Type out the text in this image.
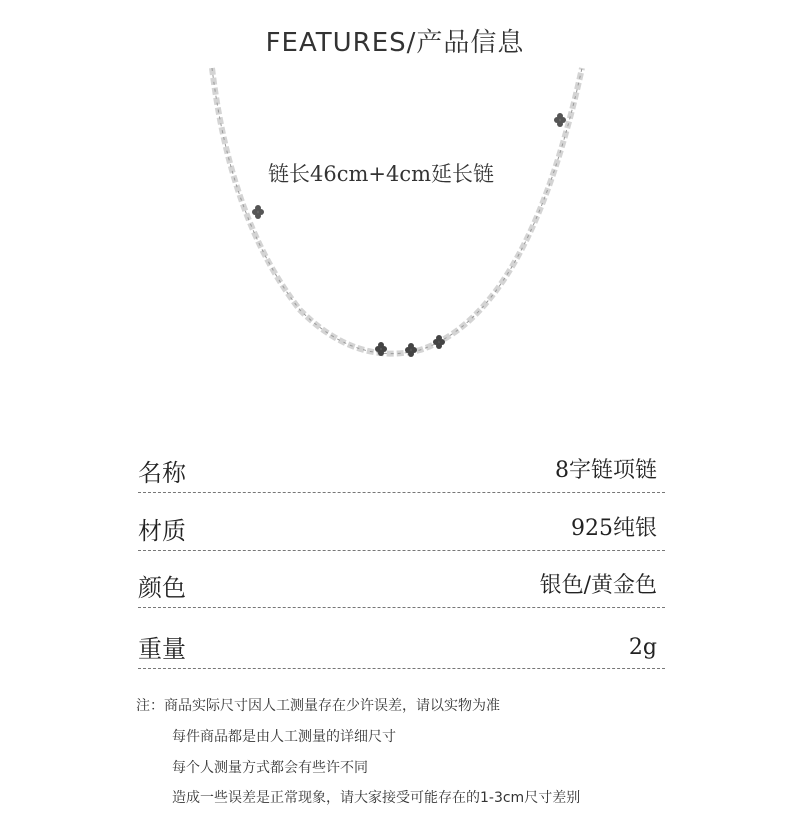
FEATURES/产品信息
链长46cm+4cm延长链
名称	8字链项链
材质	925纯银
颜色	银色/黄金色
重量	2g
注：商品实际尺寸因人工测量存在少许误差，请以实物为准
每件商品都是由人工测量的详细尺寸
每个人测量方式都会有些许不同
造成一些误差是正常现象，请大家接受可能存在的1-3cm尺寸差别
